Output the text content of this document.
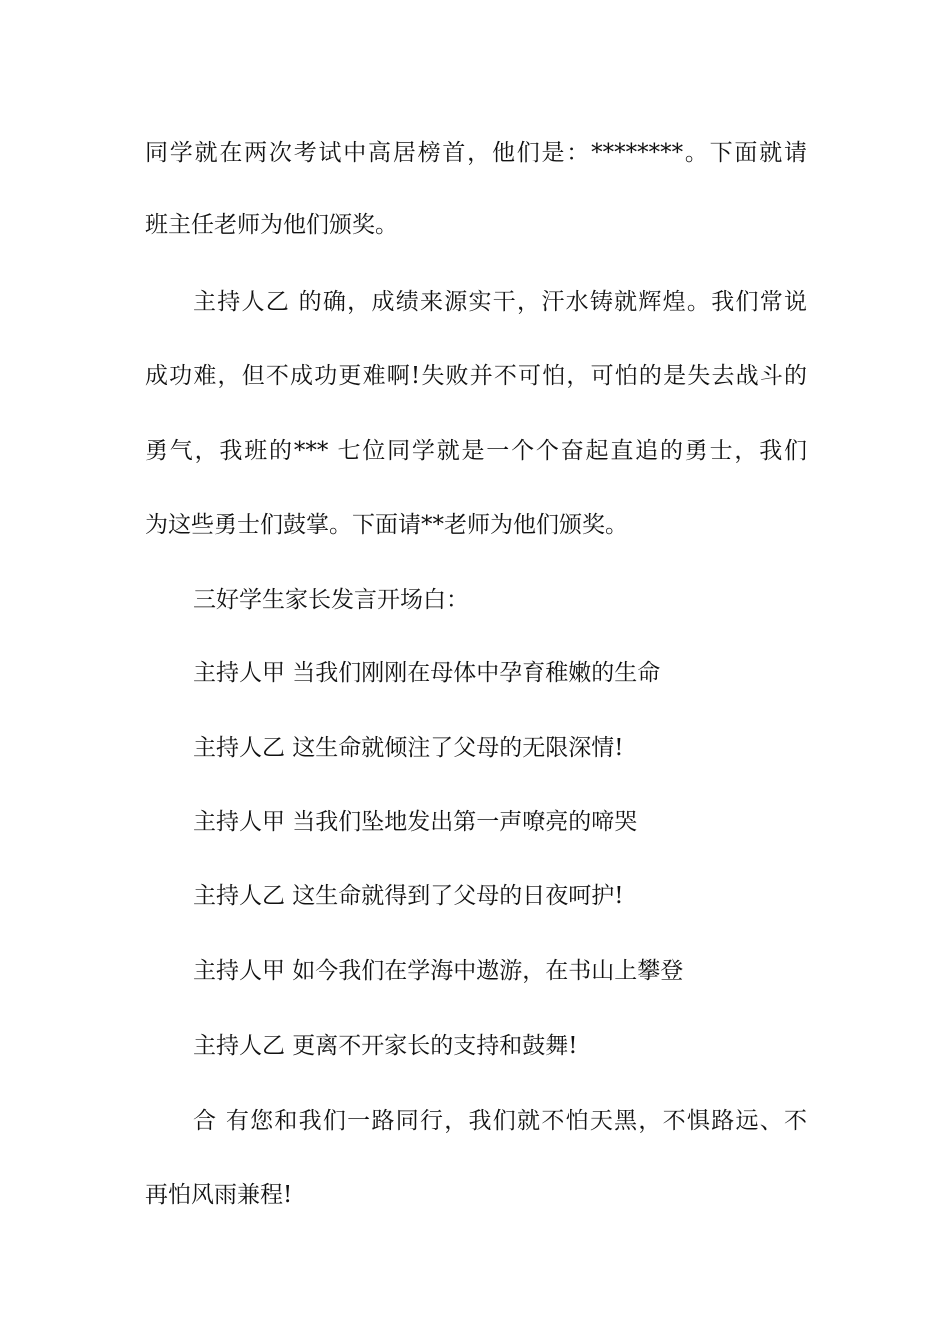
同学就在两次考试中高居榜首，他们是：********。下面就请
班主任老师为他们颁奖。
主持人乙 的确，成绩来源实干，汗水铸就辉煌。我们常说
成功难，但不成功更难啊!失败并不可怕，可怕的是失去战斗的
勇气，我班的*** 七位同学就是一个个奋起直追的勇士，我们
为这些勇士们鼓掌。下面请**老师为他们颁奖。
三好学生家长发言开场白：
主持人甲 当我们刚刚在母体中孕育稚嫩的生命
主持人乙 这生命就倾注了父母的无限深情!
主持人甲 当我们坠地发出第一声嘹亮的啼哭
主持人乙 这生命就得到了父母的日夜呵护!
主持人甲 如今我们在学海中遨游，在书山上攀登
主持人乙 更离不开家长的支持和鼓舞!
合 有您和我们一路同行，我们就不怕天黑，不惧路远、不
再怕风雨兼程!
